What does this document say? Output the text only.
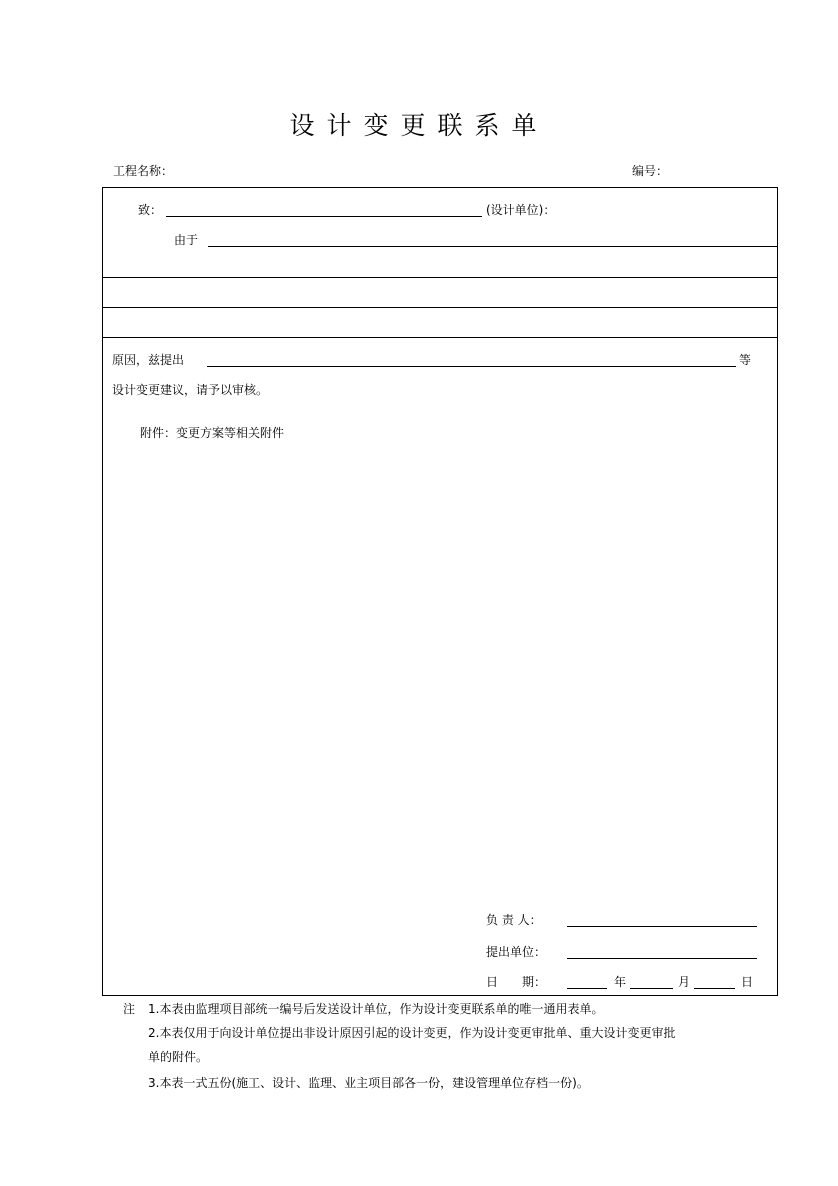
设计变更联系单
工程名称：	编号：
致：	(设计单位)：
由于
原因，兹提出	等
设计变更建议，请予以审核。
附件：变更方案等相关附件
负 责 人：
提出单位：
日　　期：	年	月	日
注 1.本表由监理项目部统一编号后发送设计单位，作为设计变更联系单的唯一通用表单。
2.本表仅用于向设计单位提出非设计原因引起的设计变更，作为设计变更审批单、重大设计变更审批
单的附件。
3.本表一式五份(施工、设计、监理、业主项目部各一份，建设管理单位存档一份)。
